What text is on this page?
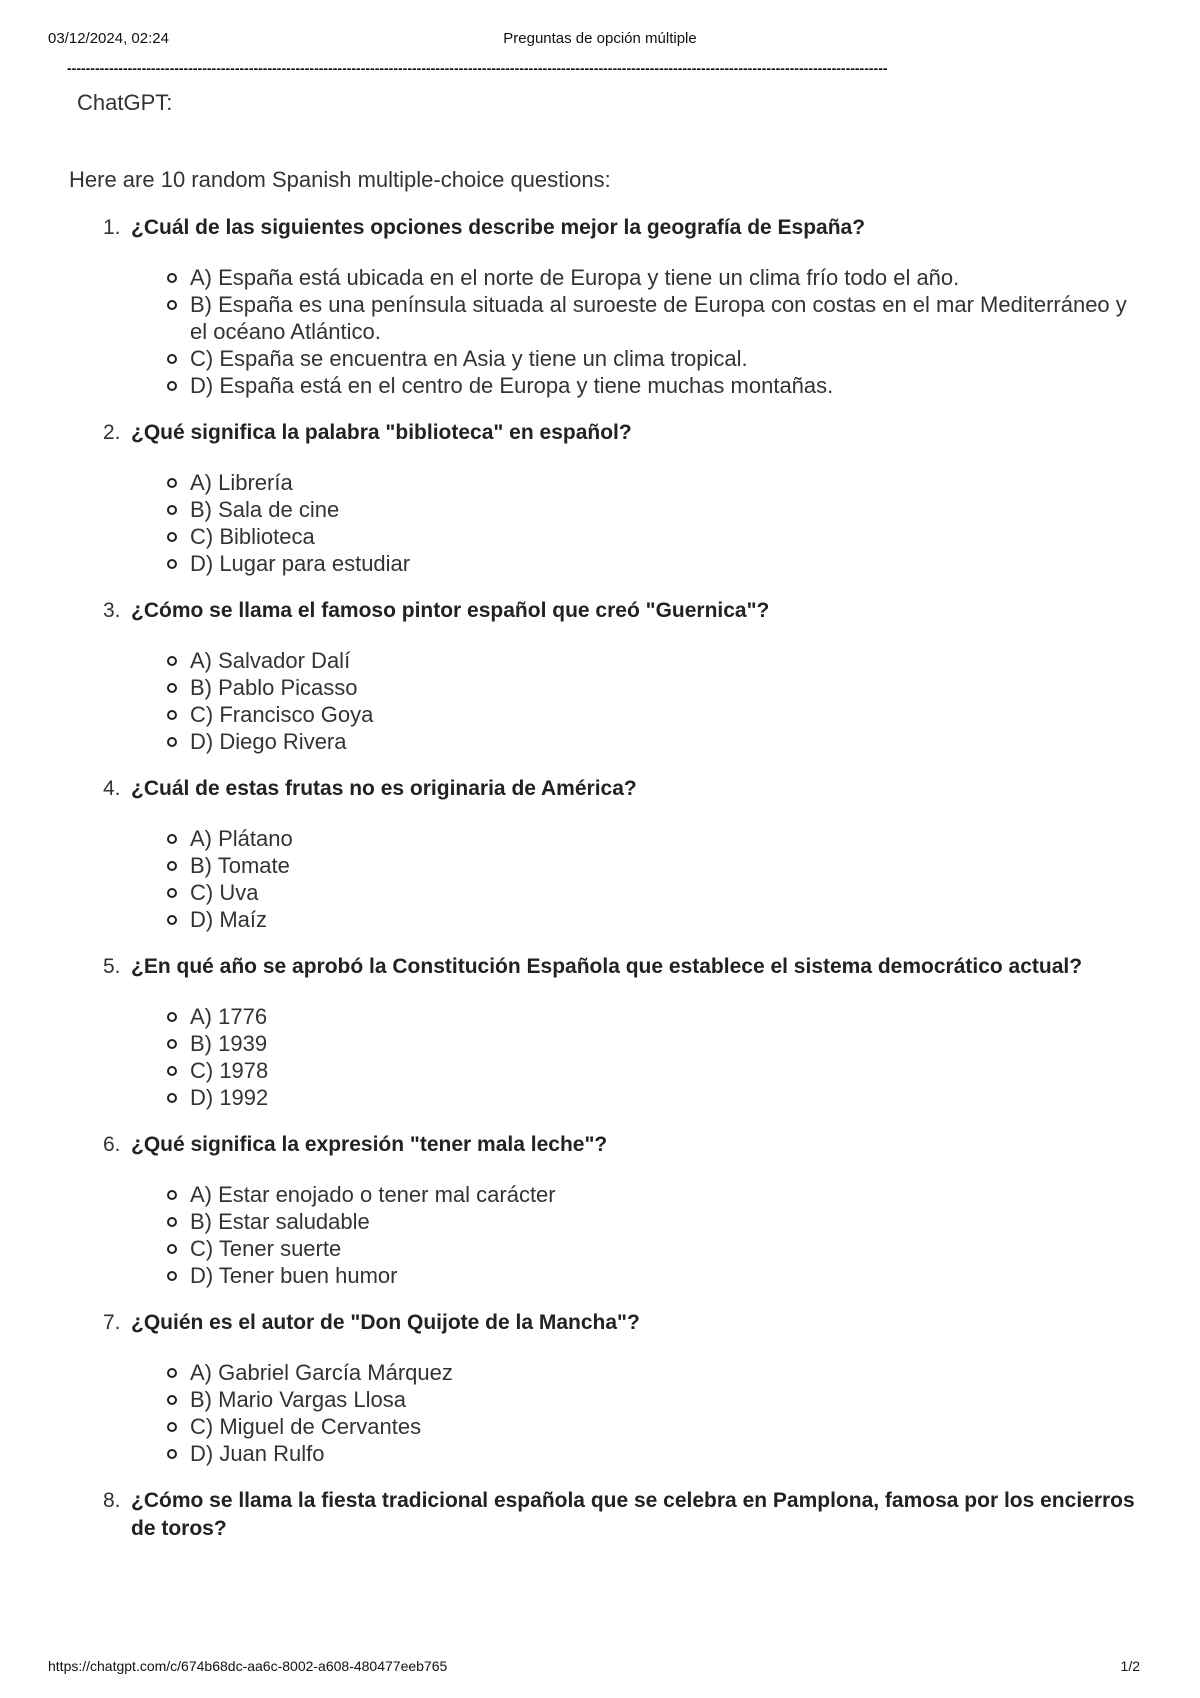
03/12/2024, 02:24	Preguntas de opción múltiple
--------------------------------------------------------------------------------------------------------------------------------------------------------------------------------
ChatGPT:

Here are 10 random Spanish multiple-choice questions:

1. ¿Cuál de las siguientes opciones describe mejor la geografía de España?
A) España está ubicada en el norte de Europa y tiene un clima frío todo el año.
B) España es una península situada al suroeste de Europa con costas en el mar Mediterráneo y el océano Atlántico.
C) España se encuentra en Asia y tiene un clima tropical.
D) España está en el centro de Europa y tiene muchas montañas.
2. ¿Qué significa la palabra "biblioteca" en español?
A) Librería
B) Sala de cine
C) Biblioteca
D) Lugar para estudiar
3. ¿Cómo se llama el famoso pintor español que creó "Guernica"?
A) Salvador Dalí
B) Pablo Picasso
C) Francisco Goya
D) Diego Rivera
4. ¿Cuál de estas frutas no es originaria de América?
A) Plátano
B) Tomate
C) Uva
D) Maíz
5. ¿En qué año se aprobó la Constitución Española que establece el sistema democrático actual?
A) 1776
B) 1939
C) 1978
D) 1992
6. ¿Qué significa la expresión "tener mala leche"?
A) Estar enojado o tener mal carácter
B) Estar saludable
C) Tener suerte
D) Tener buen humor
7. ¿Quién es el autor de "Don Quijote de la Mancha"?
A) Gabriel García Márquez
B) Mario Vargas Llosa
C) Miguel de Cervantes
D) Juan Rulfo
8. ¿Cómo se llama la fiesta tradicional española que se celebra en Pamplona, famosa por los encierros de toros?
https://chatgpt.com/c/674b68dc-aa6c-8002-a608-480477eeb765	1/2
